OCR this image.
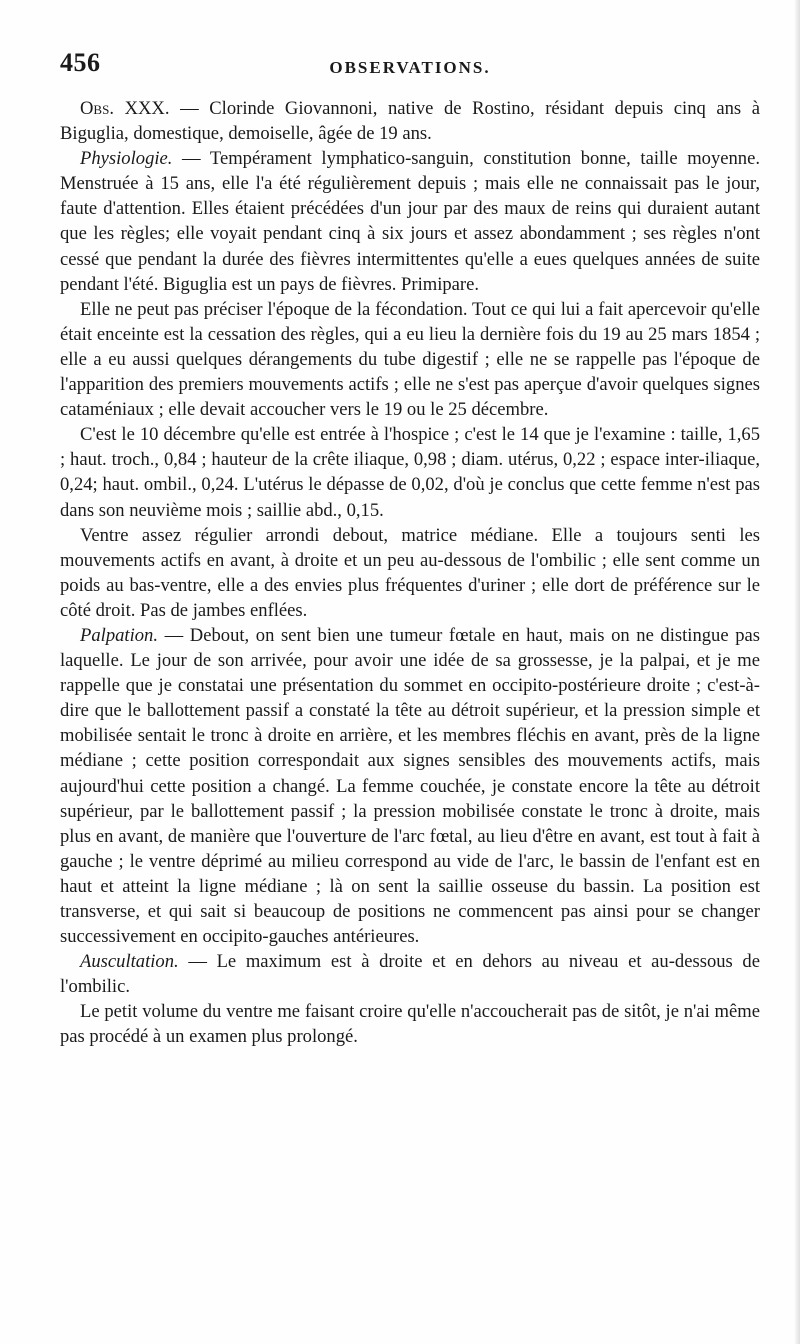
456	OBSERVATIONS.

Obs. XXX. — Clorinde Giovannoni, native de Rostino, résidant depuis cinq ans à Biguglia, domestique, demoiselle, âgée de 19 ans.

Physiologie. — Tempérament lymphatico-sanguin, constitution bonne, taille moyenne. Menstruée à 15 ans, elle l'a été régulièrement depuis ; mais elle ne connaissait pas le jour, faute d'attention. Elles étaient précédées d'un jour par des maux de reins qui duraient autant que les règles; elle voyait pendant cinq à six jours et assez abondamment ; ses règles n'ont cessé que pendant la durée des fièvres intermittentes qu'elle a eues quelques années de suite pendant l'été. Biguglia est un pays de fièvres. Primipare.

Elle ne peut pas préciser l'époque de la fécondation. Tout ce qui lui a fait apercevoir qu'elle était enceinte est la cessation des règles, qui a eu lieu la dernière fois du 19 au 25 mars 1854 ; elle a eu aussi quelques dérangements du tube digestif ; elle ne se rappelle pas l'époque de l'apparition des premiers mouvements actifs ; elle ne s'est pas aperçue d'avoir quelques signes cataméniaux ; elle devait accoucher vers le 19 ou le 25 décembre.

C'est le 10 décembre qu'elle est entrée à l'hospice ; c'est le 14 que je l'examine : taille, 1,65 ; haut. troch., 0,84 ; hauteur de la crête iliaque, 0,98 ; diam. utérus, 0,22 ; espace inter-iliaque, 0,24; haut. ombil., 0,24. L'utérus le dépasse de 0,02, d'où je conclus que cette femme n'est pas dans son neuvième mois ; saillie abd., 0,15.

Ventre assez régulier arrondi debout, matrice médiane. Elle a toujours senti les mouvements actifs en avant, à droite et un peu au-dessous de l'ombilic ; elle sent comme un poids au bas-ventre, elle a des envies plus fréquentes d'uriner ; elle dort de préférence sur le côté droit. Pas de jambes enflées.

Palpation. — Debout, on sent bien une tumeur fœtale en haut, mais on ne distingue pas laquelle. Le jour de son arrivée, pour avoir une idée de sa grossesse, je la palpai, et je me rappelle que je constatai une présentation du sommet en occipito-postérieure droite ; c'est-à-dire que le ballottement passif a constaté la tête au détroit supérieur, et la pression simple et mobilisée sentait le tronc à droite en arrière, et les membres fléchis en avant, près de la ligne médiane ; cette position correspondait aux signes sensibles des mouvements actifs, mais aujourd'hui cette position a changé. La femme couchée, je constate encore la tête au détroit supérieur, par le ballottement passif ; la pression mobilisée constate le tronc à droite, mais plus en avant, de manière que l'ouverture de l'arc fœtal, au lieu d'être en avant, est tout à fait à gauche ; le ventre déprimé au milieu correspond au vide de l'arc, le bassin de l'enfant est en haut et atteint la ligne médiane ; là on sent la saillie osseuse du bassin. La position est transverse, et qui sait si beaucoup de positions ne commencent pas ainsi pour se changer successivement en occipito-gauches antérieures.

Auscultation. — Le maximum est à droite et en dehors au niveau et au-dessous de l'ombilic.

Le petit volume du ventre me faisant croire qu'elle n'accoucherait pas de sitôt, je n'ai même pas procédé à un examen plus prolongé.
